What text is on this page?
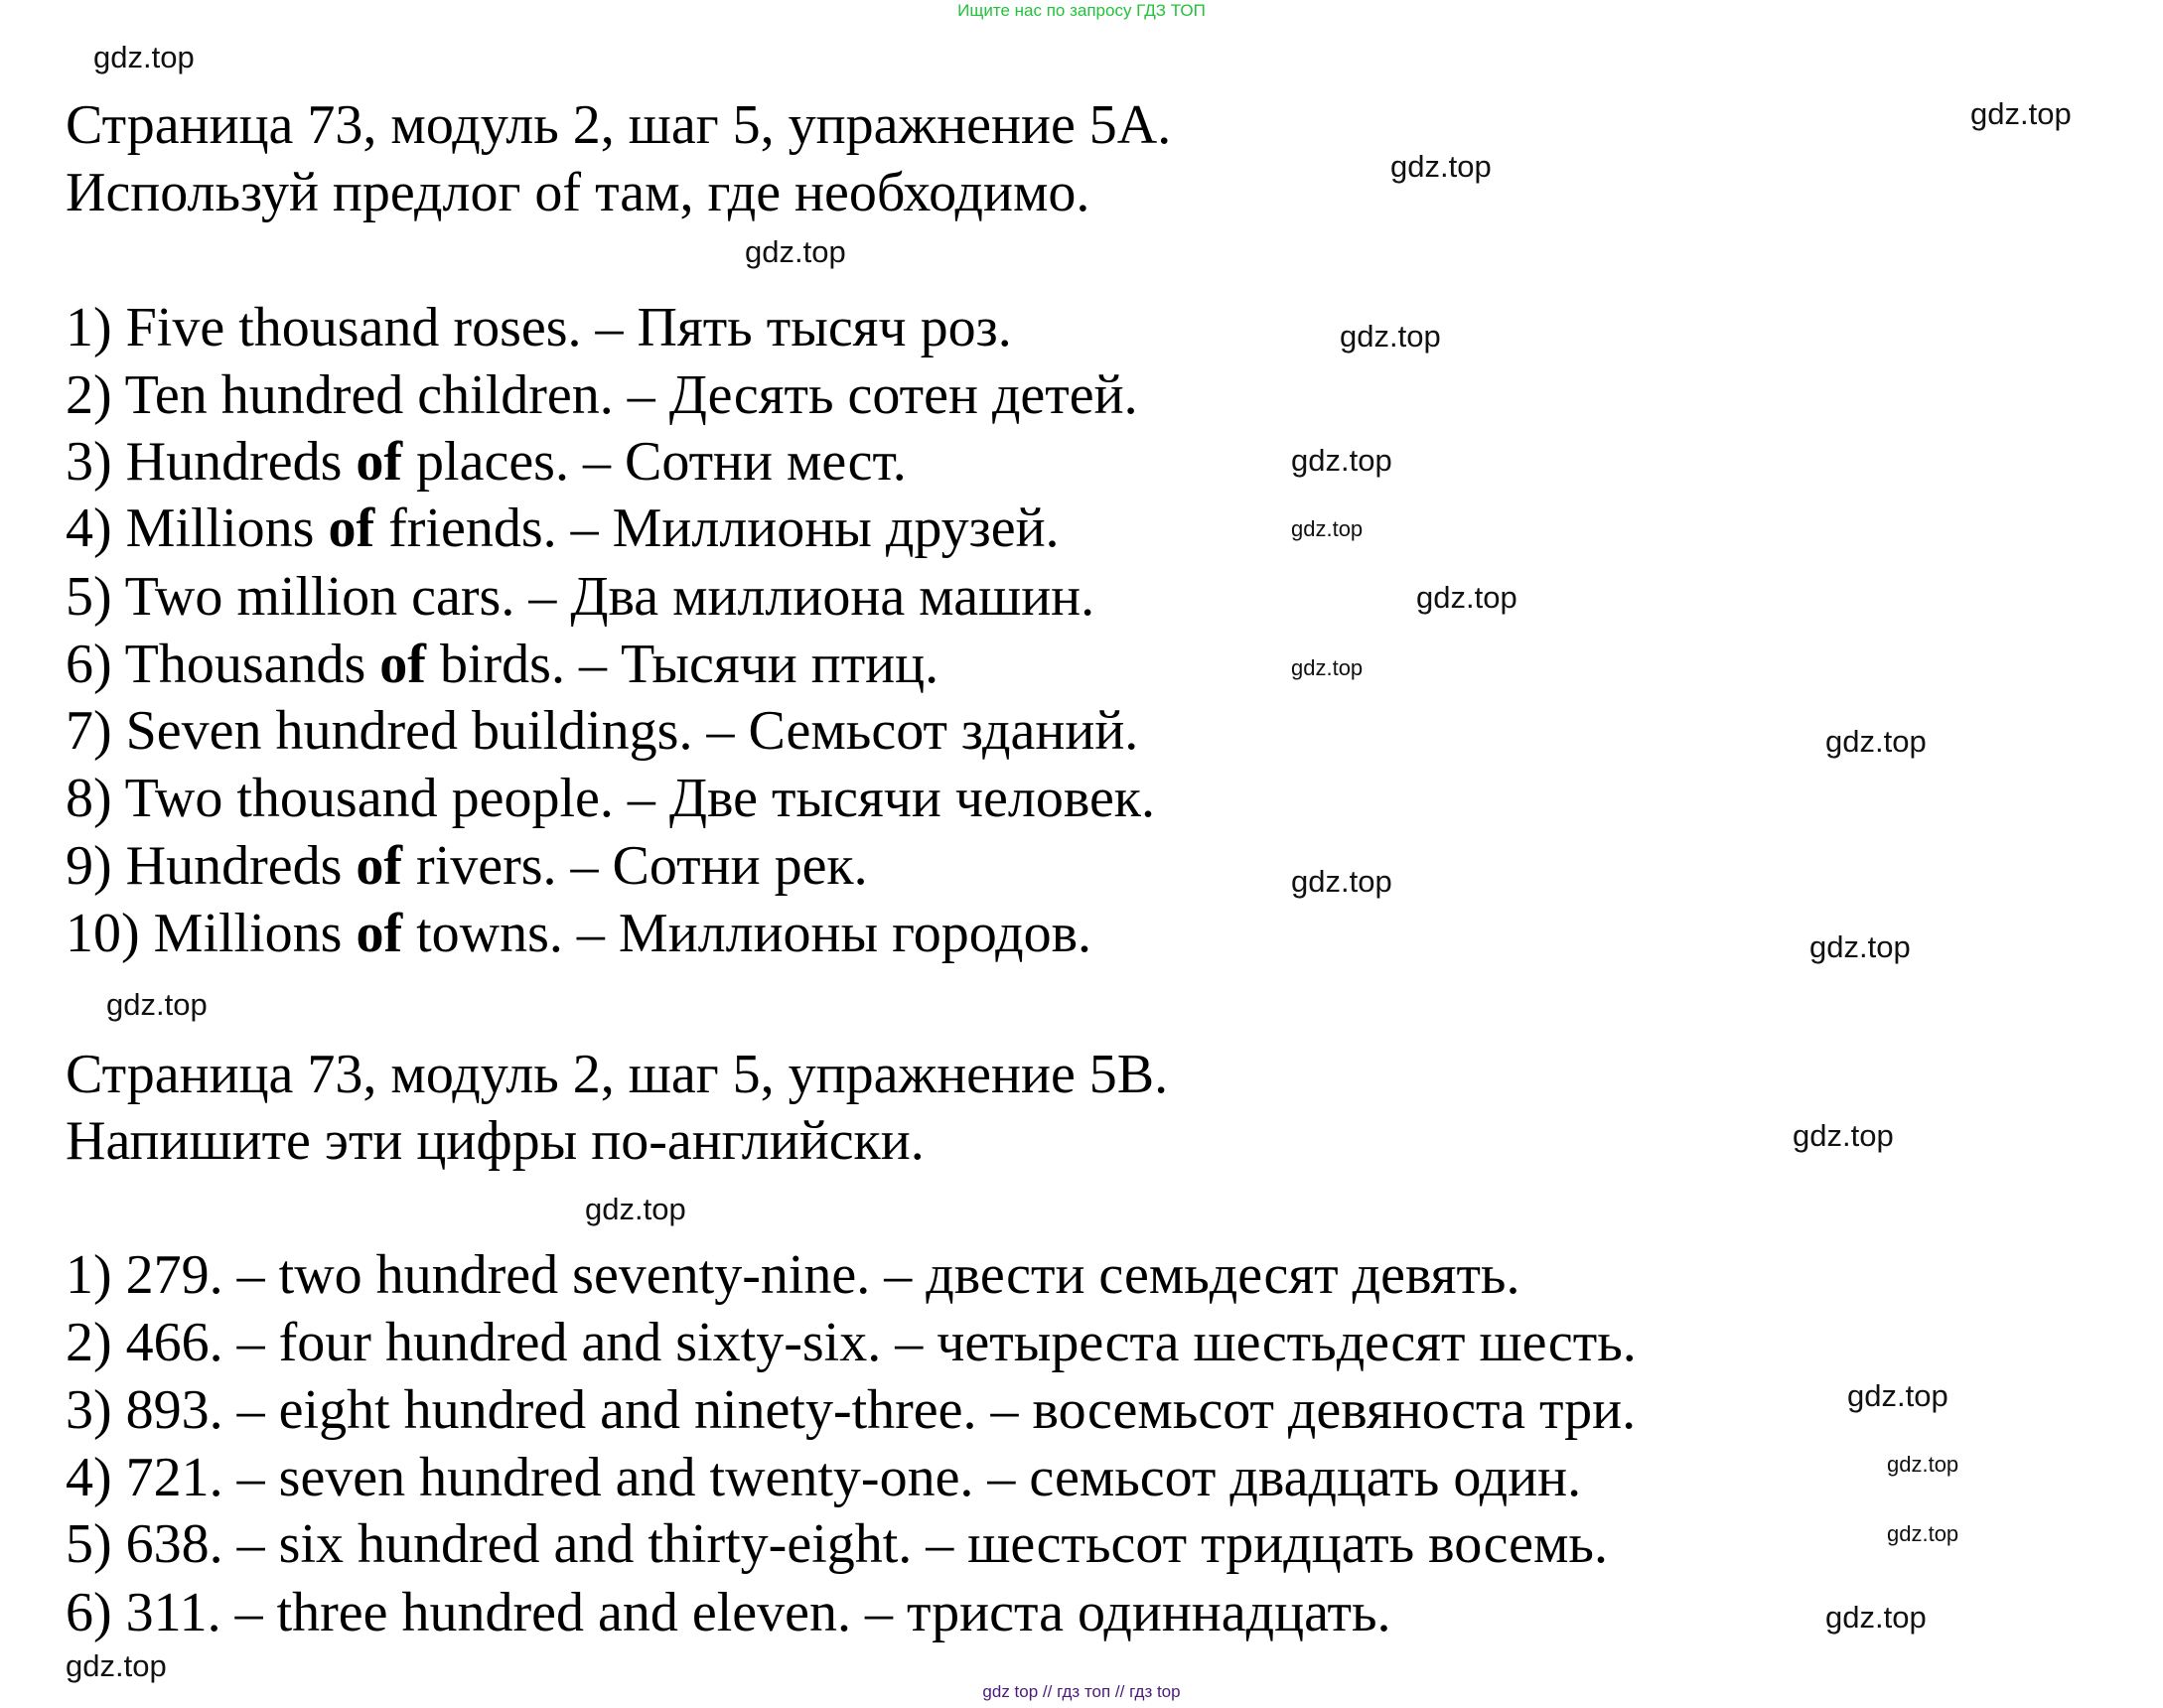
Ищите нас по запросу ГДЗ ТОП
Страница 73, модуль 2, шаг 5, упражнение 5А.
Используй предлог of там, где необходимо.
1) Five thousand roses. – Пять тысяч роз.
2) Ten hundred children. – Десять сотен детей.
3) Hundreds of places. – Сотни мест.
4) Millions of friends. – Миллионы друзей.
5) Two million cars. – Два миллиона машин.
6) Thousands of birds. – Тысячи птиц.
7) Seven hundred buildings. – Семьсот зданий.
8) Two thousand people. – Две тысячи человек.
9) Hundreds of rivers. – Сотни рек.
10) Millions of towns. – Миллионы городов.
Страница 73, модуль 2, шаг 5, упражнение 5В.
Напишите эти цифры по-английски.
1) 279. – two hundred seventy-nine. – двести семьдесят девять.
2) 466. – four hundred and sixty-six. – четыреста шестьдесят шесть.
3) 893. – eight hundred and ninety-three. – восемьсот девяноста три.
4) 721. – seven hundred and twenty-one. – семьсот двадцать один.
5) 638. – six hundred and thirty-eight. – шестьсот тридцать восемь.
6) 311. – three hundred and eleven. – триста одиннадцать.
gdz.top
gdz.top
gdz.top
gdz.top
gdz.top
gdz.top
gdz.top
gdz.top
gdz.top
gdz.top
gdz.top
gdz.top
gdz.top
gdz.top
gdz.top
gdz.top
gdz.top
gdz.top
gdz.top
gdz.top
gdz top // гдз топ // гдз top
